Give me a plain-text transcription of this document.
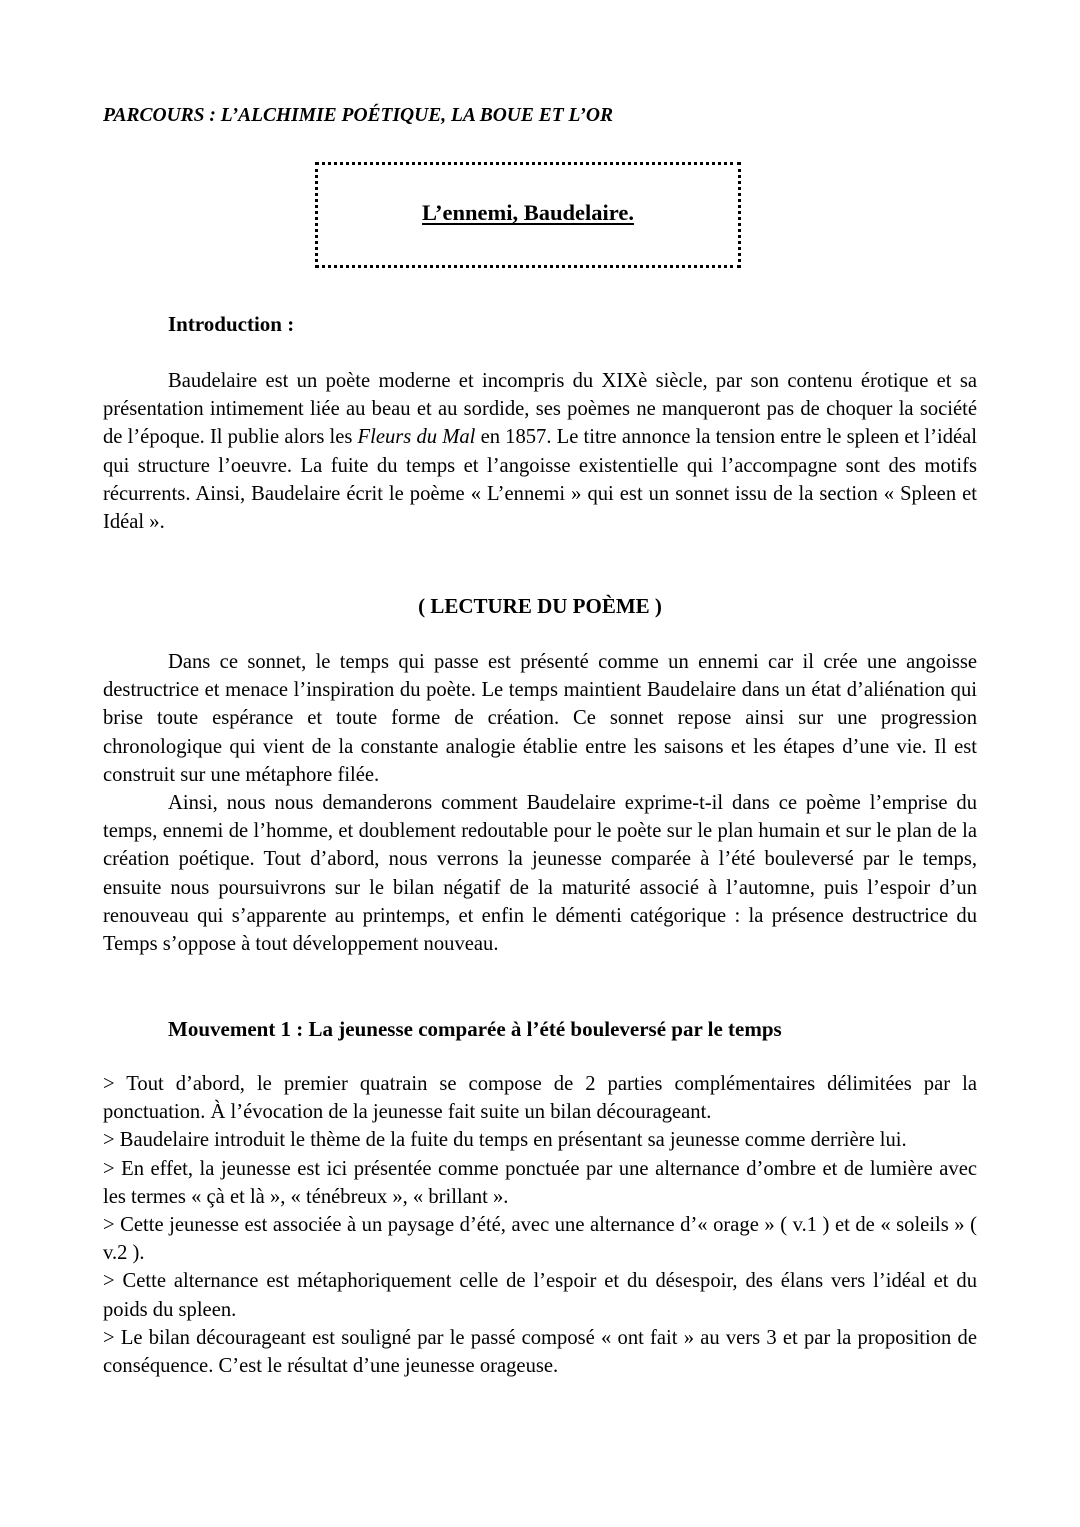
PARCOURS : L’ALCHIMIE POÉTIQUE, LA BOUE ET L’OR
L’ennemi, Baudelaire.
Introduction :

Baudelaire est un poète moderne et incompris du XIXè siècle, par son contenu érotique et sa présentation intimement liée au beau et au sordide, ses poèmes ne manqueront pas de choquer la société de l’époque. Il publie alors les Fleurs du Mal en 1857. Le titre annonce la tension entre le spleen et l’idéal qui structure l’oeuvre. La fuite du temps et l’angoisse existentielle qui l’accompagne sont des motifs récurrents. Ainsi, Baudelaire écrit le poème « L’ennemi » qui est un sonnet issu de la section « Spleen et Idéal ».

( LECTURE DU POÈME )

Dans ce sonnet, le temps qui passe est présenté comme un ennemi car il crée une angoisse destructrice et menace l’inspiration du poète. Le temps maintient Baudelaire dans un état d’aliénation qui brise toute espérance et toute forme de création. Ce sonnet repose ainsi sur une progression chronologique qui vient de la constante analogie établie entre les saisons et les étapes d’une vie. Il est construit sur une métaphore filée.

Ainsi, nous nous demanderons comment Baudelaire exprime-t-il dans ce poème l’emprise du temps, ennemi de l’homme, et doublement redoutable pour le poète sur le plan humain et sur le plan de la création poétique. Tout d’abord, nous verrons la jeunesse comparée à l’été bouleversé par le temps, ensuite nous poursuivrons sur le bilan négatif de la maturité associé à l’automne, puis l’espoir d’un renouveau qui s’apparente au printemps, et enfin le démenti catégorique : la présence destructrice du Temps s’oppose à tout développement nouveau.

Mouvement 1 : La jeunesse comparée à l’été bouleversé par le temps

> Tout d’abord, le premier quatrain se compose de 2 parties complémentaires délimitées par la ponctuation. À l’évocation de la jeunesse fait suite un bilan décourageant.

> Baudelaire introduit le thème de la fuite du temps en présentant sa jeunesse comme derrière lui.

> En effet, la jeunesse est ici présentée comme ponctuée par une alternance d’ombre et de lumière avec les termes « çà et là », « ténébreux », « brillant ».

> Cette jeunesse est associée à un paysage d’été, avec une alternance d’« orage » ( v.1 ) et de « soleils » ( v.2 ).

> Cette alternance est métaphoriquement celle de l’espoir et du désespoir, des élans vers l’idéal et du poids du spleen.

> Le bilan décourageant est souligné par le passé composé « ont fait » au vers 3 et par la proposition de conséquence. C’est le résultat d’une jeunesse orageuse.
